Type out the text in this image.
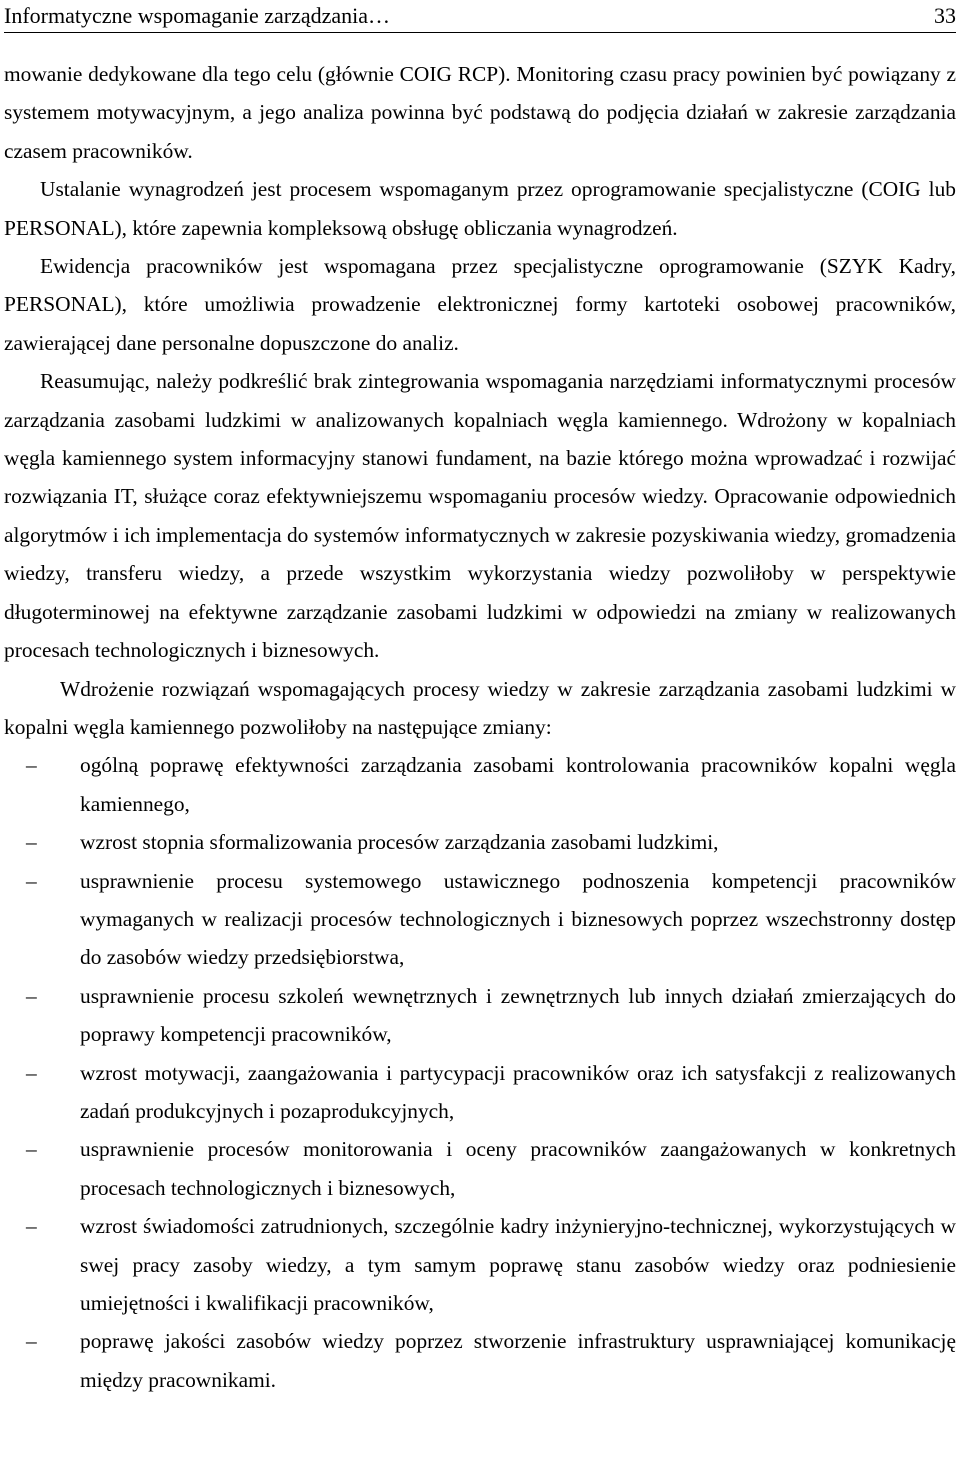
Informatyczne wspomaganie zarządzania…	33

mowanie dedykowane dla tego celu (głównie COIG RCP). Monitoring czasu pracy powinien być powiązany z systemem motywacyjnym, a jego analiza powinna być podstawą do podjęcia działań w zakresie zarządzania czasem pracowników.

Ustalanie wynagrodzeń jest procesem wspomaganym przez oprogramowanie specjalistyczne (COIG lub PERSONAL), które zapewnia kompleksową obsługę obliczania wynagrodzeń.

Ewidencja pracowników jest wspomagana przez specjalistyczne oprogramowanie (SZYK Kadry, PERSONAL), które umożliwia prowadzenie elektronicznej formy kartoteki osobowej pracowników, zawierającej dane personalne dopuszczone do analiz.

Reasumując, należy podkreślić brak zintegrowania wspomagania narzędziami informatycznymi procesów zarządzania zasobami ludzkimi w analizowanych kopalniach węgla kamiennego. Wdrożony w kopalniach węgla kamiennego system informacyjny stanowi fundament, na bazie którego można wprowadzać i rozwijać rozwiązania IT, służące coraz efektywniejszemu wspomaganiu procesów wiedzy. Opracowanie odpowiednich algorytmów i ich implementacja do systemów informatycznych w zakresie pozyskiwania wiedzy, gromadzenia wiedzy, transferu wiedzy, a przede wszystkim wykorzystania wiedzy pozwoliłoby w perspektywie długoterminowej na efektywne zarządzanie zasobami ludzkimi w odpowiedzi na zmiany w realizowanych procesach technologicznych i biznesowych.

Wdrożenie rozwiązań wspomagających procesy wiedzy w zakresie zarządzania zasobami ludzkimi w kopalni węgla kamiennego pozwoliłoby na następujące zmiany:

– ogólną poprawę efektywności zarządzania zasobami kontrolowania pracowników kopalni węgla kamiennego,
– wzrost stopnia sformalizowania procesów zarządzania zasobami ludzkimi,
– usprawnienie procesu systemowego ustawicznego podnoszenia kompetencji pracowników wymaganych w realizacji procesów technologicznych i biznesowych poprzez wszechstronny dostęp do zasobów wiedzy przedsiębiorstwa,
– usprawnienie procesu szkoleń wewnętrznych i zewnętrznych lub innych działań zmierzających do poprawy kompetencji pracowników,
– wzrost motywacji, zaangażowania i partycypacji pracowników oraz ich satysfakcji z realizowanych zadań produkcyjnych i pozaprodukcyjnych,
– usprawnienie procesów monitorowania i oceny pracowników zaangażowanych w konkretnych procesach technologicznych i biznesowych,
– wzrost świadomości zatrudnionych, szczególnie kadry inżynieryjno-technicznej, wykorzystujących w swej pracy zasoby wiedzy, a tym samym poprawę stanu zasobów wiedzy oraz podniesienie umiejętności i kwalifikacji pracowników,
– poprawę jakości zasobów wiedzy poprzez stworzenie infrastruktury usprawniającej komunikację między pracownikami.
